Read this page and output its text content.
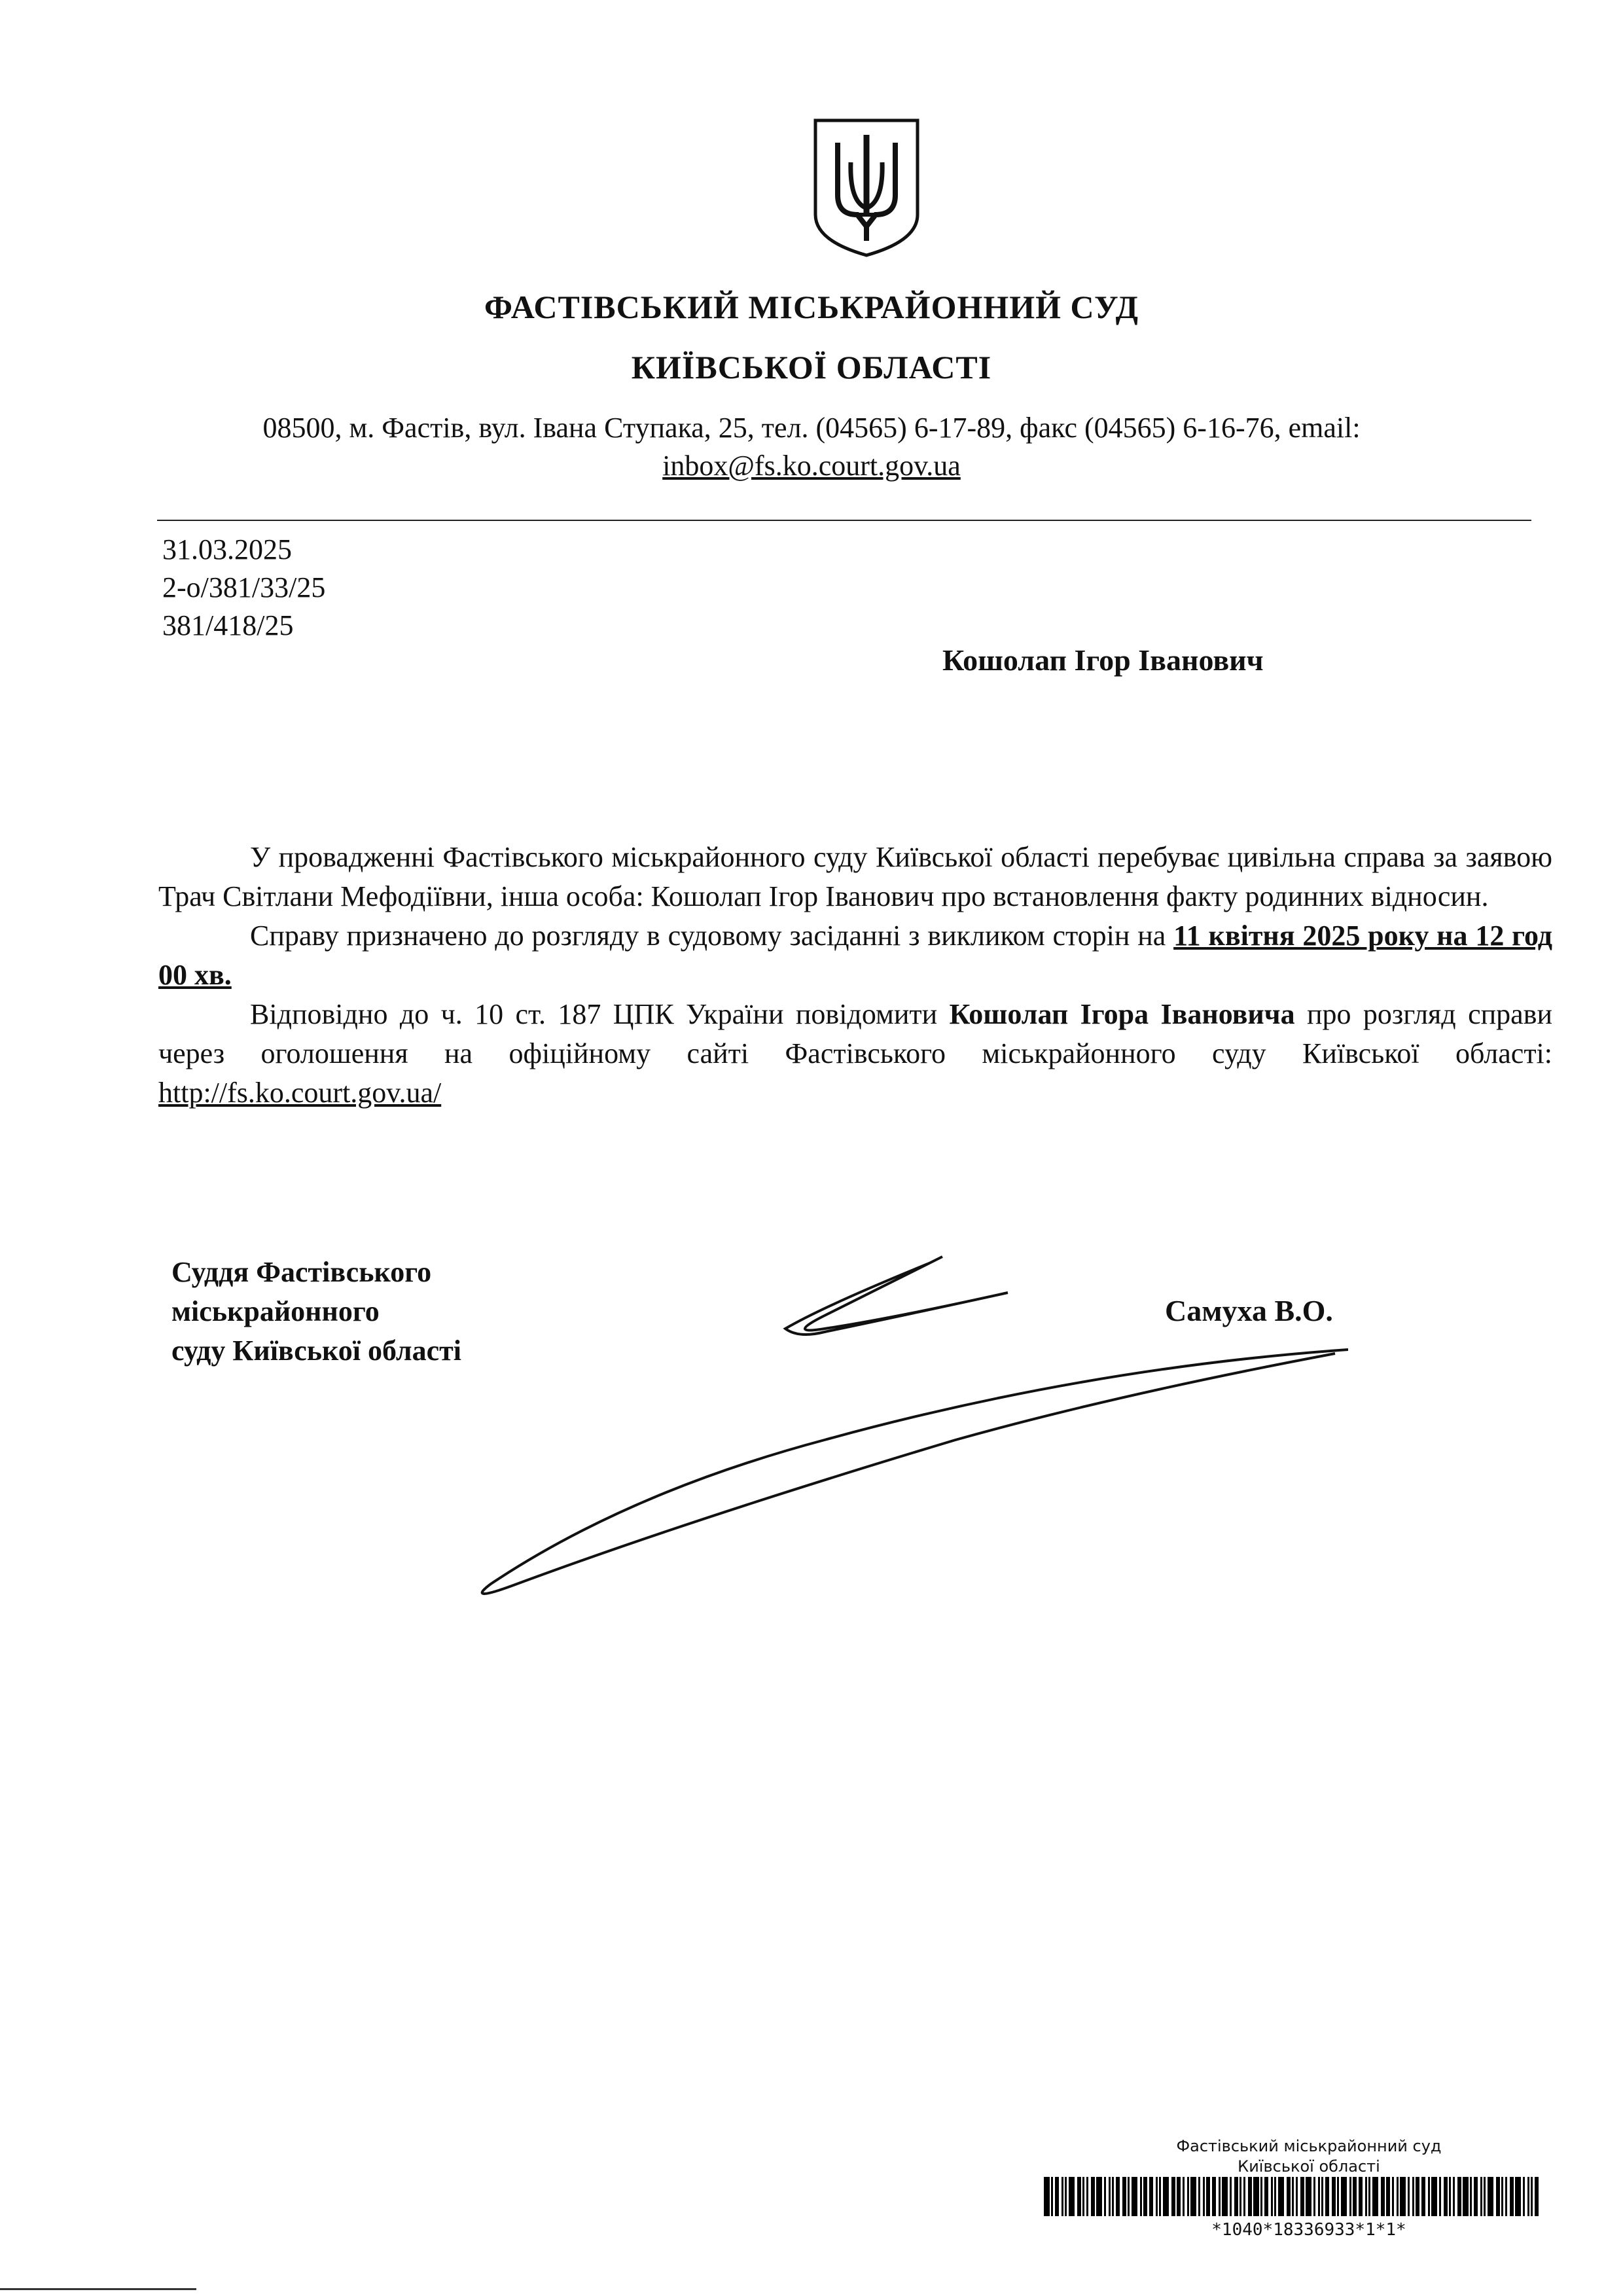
ФАСТІВСЬКИЙ МІСЬКРАЙОННИЙ СУД
КИЇВСЬКОЇ ОБЛАСТІ
08500, м. Фастів, вул. Івана Ступака, 25, тел. (04565) 6-17-89, факс (04565) 6-16-76, email:
inbox@fs.ko.court.gov.ua
31.03.2025
2-о/381/33/25
381/418/25
Кошолап Ігор Іванович

У провадженні Фастівського міськрайонного суду Київської області перебуває цивільна справа за заявою Трач Світлани Мефодіївни, інша особа: Кошолап Ігор Іванович про встановлення факту родинних відносин.

Справу призначено до розгляду в судовому засіданні з викликом сторін на 11 квітня 2025 року на 12 год 00 хв.

Відповідно до ч. 10 ст. 187 ЦПК України повідомити Кошолап Ігора Івановича про розгляд справи через оголошення на офіційному сайті Фастівського міськрайонного суду Київської області: http://fs.ko.court.gov.ua/

Суддя Фастівського
міськрайонного
суду Київської області
Самуха В.О.
Фастівський міськрайонний суд
Київської області
*1040*18336933*1*1*
